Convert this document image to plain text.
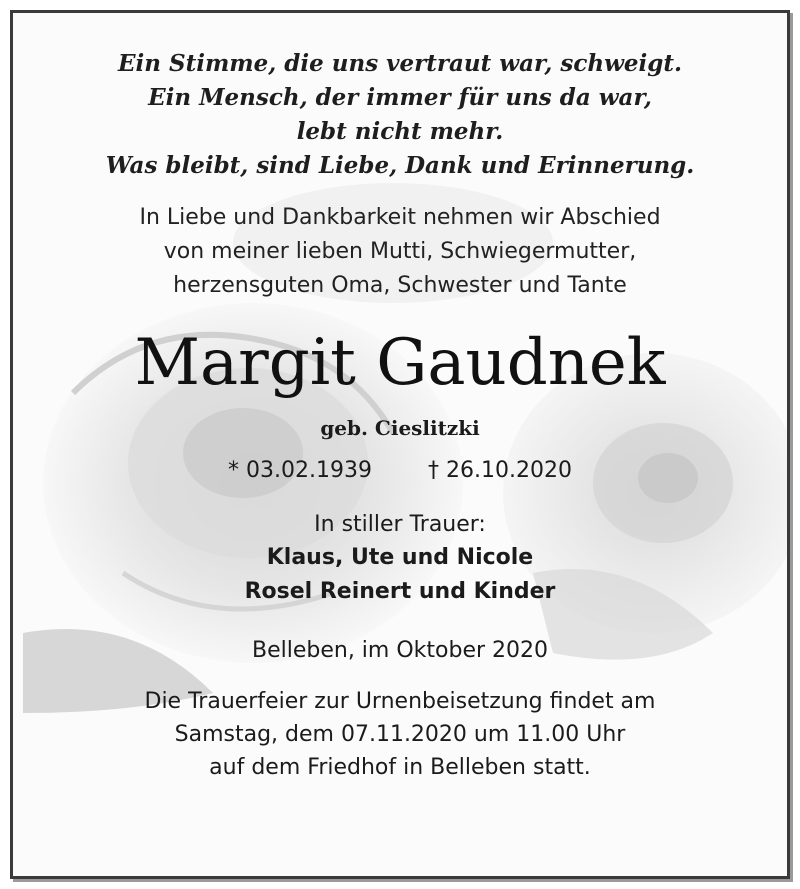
Ein Stimme, die uns vertraut war, schweigt.
Ein Mensch, der immer für uns da war,
lebt nicht mehr.
Was bleibt, sind Liebe, Dank und Erinnerung.
In Liebe und Dankbarkeit nehmen wir Abschied
von meiner lieben Mutti, Schwiegermutter,
herzensguten Oma, Schwester und Tante
Margit Gaudnek
geb. Cieslitzki
* 03.02.1939	† 26.10.2020
In stiller Trauer:
Klaus, Ute und Nicole
Rosel Reinert und Kinder
Belleben, im Oktober 2020
Die Trauerfeier zur Urnenbeisetzung findet am
Samstag, dem 07.11.2020 um 11.00 Uhr
auf dem Friedhof in Belleben statt.
